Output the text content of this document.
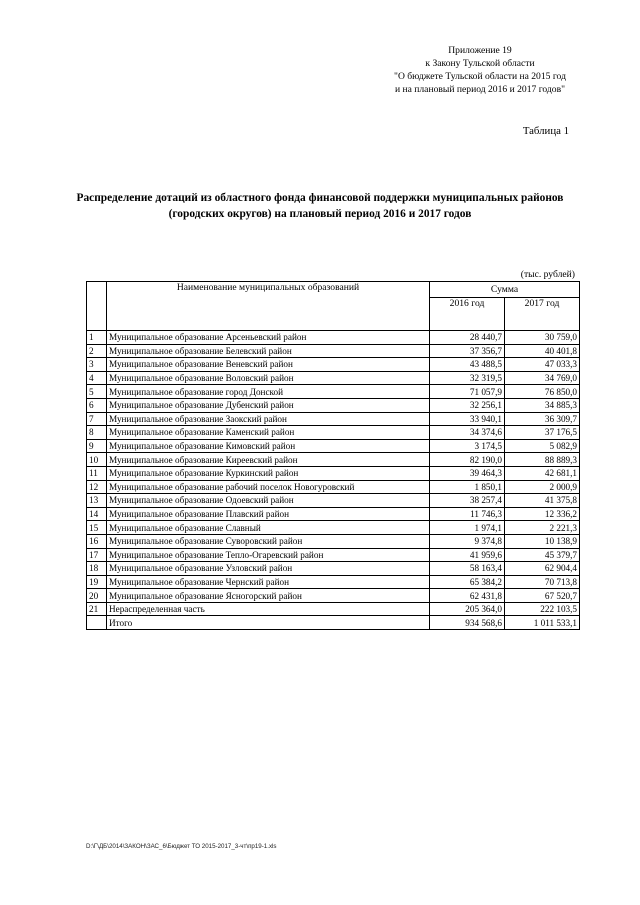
Приложение 19
к Закону Тульской области
"О бюджете Тульской области на 2015 год
и на плановый период 2016 и 2017 годов"
Таблица 1
Распределение дотаций из областного фонда финансовой поддержки муниципальных районов (городских округов) на плановый период 2016 и 2017 годов
(тыс. рублей)
	Наименование муниципальных образований	Сумма	
		2016 год	2017 год
1	Муниципальное образование Арсеньевский район	28 440,7	30 759,0
2	Муниципальное образование Белевский район	37 356,7	40 401,8
3	Муниципальное образование Веневский район	43 488,5	47 033,3
4	Муниципальное образование Воловский район	32 319,5	34 769,0
5	Муниципальное образование город Донской	71 057,9	76 850,0
6	Муниципальное образование Дубенский район	32 256,1	34 885,3
7	Муниципальное образование Заокский район	33 940,1	36 309,7
8	Муниципальное образование Каменский район	34 374,6	37 176,5
9	Муниципальное образование Кимовский район	3 174,5	5 082,9
10	Муниципальное образование Киреевский район	82 190,0	88 889,3
11	Муниципальное образование Куркинский район	39 464,3	42 681,1
12	Муниципальное образование рабочий поселок Новогуровский	1 850,1	2 000,9
13	Муниципальное образование Одоевский район	38 257,4	41 375,8
14	Муниципальное образование Плавский район	11 746,3	12 336,2
15	Муниципальное образование Славный	1 974,1	2 221,3
16	Муниципальное образование Суворовский район	9 374,8	10 138,9
17	Муниципальное образование Тепло-Огаревский район	41 959,6	45 379,7
18	Муниципальное образование Узловский район	58 163,4	62 904,4
19	Муниципальное образование Чернский район	65 384,2	70 713,8
20	Муниципальное образование Ясногорский район	62 431,8	67 520,7
21	Нераспределенная часть	205 364,0	222 103,5
	Итого	934 568,6	1 011 533,1
D:\Г\ДБ\2014\ЗАКОН\ЗАС_6\Бюджет ТО 2015-2017_3-чт\пр19-1.xls
